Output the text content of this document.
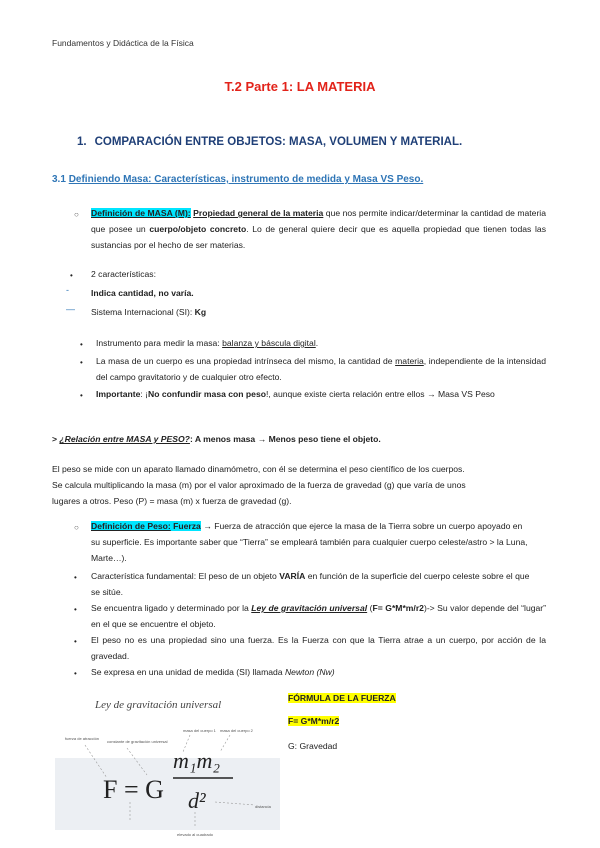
Fundamentos y Didáctica de la Física
T.2 Parte 1: LA MATERIA
1. COMPARACIÓN ENTRE OBJETOS: MASA, VOLUMEN Y MATERIAL.
3.1 Definiendo Masa: Características, instrumento de medida y Masa VS Peso.
○ Definición de MASA (M): Propiedad general de la materia que nos permite indicar/determinar la cantidad de materia que posee un cuerpo/objeto concreto. Lo de general quiere decir que es aquella propiedad que tienen todas las sustancias por el hecho de ser materias.
• 2 características:
-	Indica cantidad, no varía.
— Sistema Internacional (SI): Kg
• Instrumento para medir la masa: balanza y báscula digital.
• La masa de un cuerpo es una propiedad intrínseca del mismo, la cantidad de materia, independiente de la intensidad del campo gravitatorio y de cualquier otro efecto.
• Importante: ¡No confundir masa con peso!, aunque existe cierta relación entre ellos → Masa VS Peso
> ¿Relación entre MASA y PESO?: A menos masa → Menos peso tiene el objeto.
El peso se mide con un aparato llamado dinamómetro, con él se determina el peso científico de los cuerpos.
Se calcula multiplicando la masa (m) por el valor aproximado de la fuerza de gravedad (g) que varía de unos
lugares a otros. Peso (P) = masa (m) x fuerza de gravedad (g).
○ Definición de Peso: Fuerza → Fuerza de atracción que ejerce la masa de la Tierra sobre un cuerpo apoyado en su superficie. Es importante saber que “Tierra” se empleará también para cualquier cuerpo celeste/astro > la Luna, Marte…).
• Característica fundamental: El peso de un objeto VARÍA en función de la superficie del cuerpo celeste sobre el que se sitúe.
• Se encuentra ligado y determinado por la Ley de gravitación universal (F= G*M*m/r2)-> Su valor depende del “lugar” en el que se encuentre el objeto.
• El peso no es una propiedad sino una fuerza. Es la Fuerza con que la Tierra atrae a un cuerpo, por acción de la gravedad.
• Se expresa en una unidad de medida (SI) llamada Newton (Nw)
Ley de gravitación universal
F = G
m₁m₂
d²
fuerza de atracción
constante de gravitación universal
masa del cuerpo 1 masa del cuerpo 2
distancia
elevado al cuadrado
FÓRMULA DE LA FUERZA
F= G*M*m/r2
G: Gravedad
